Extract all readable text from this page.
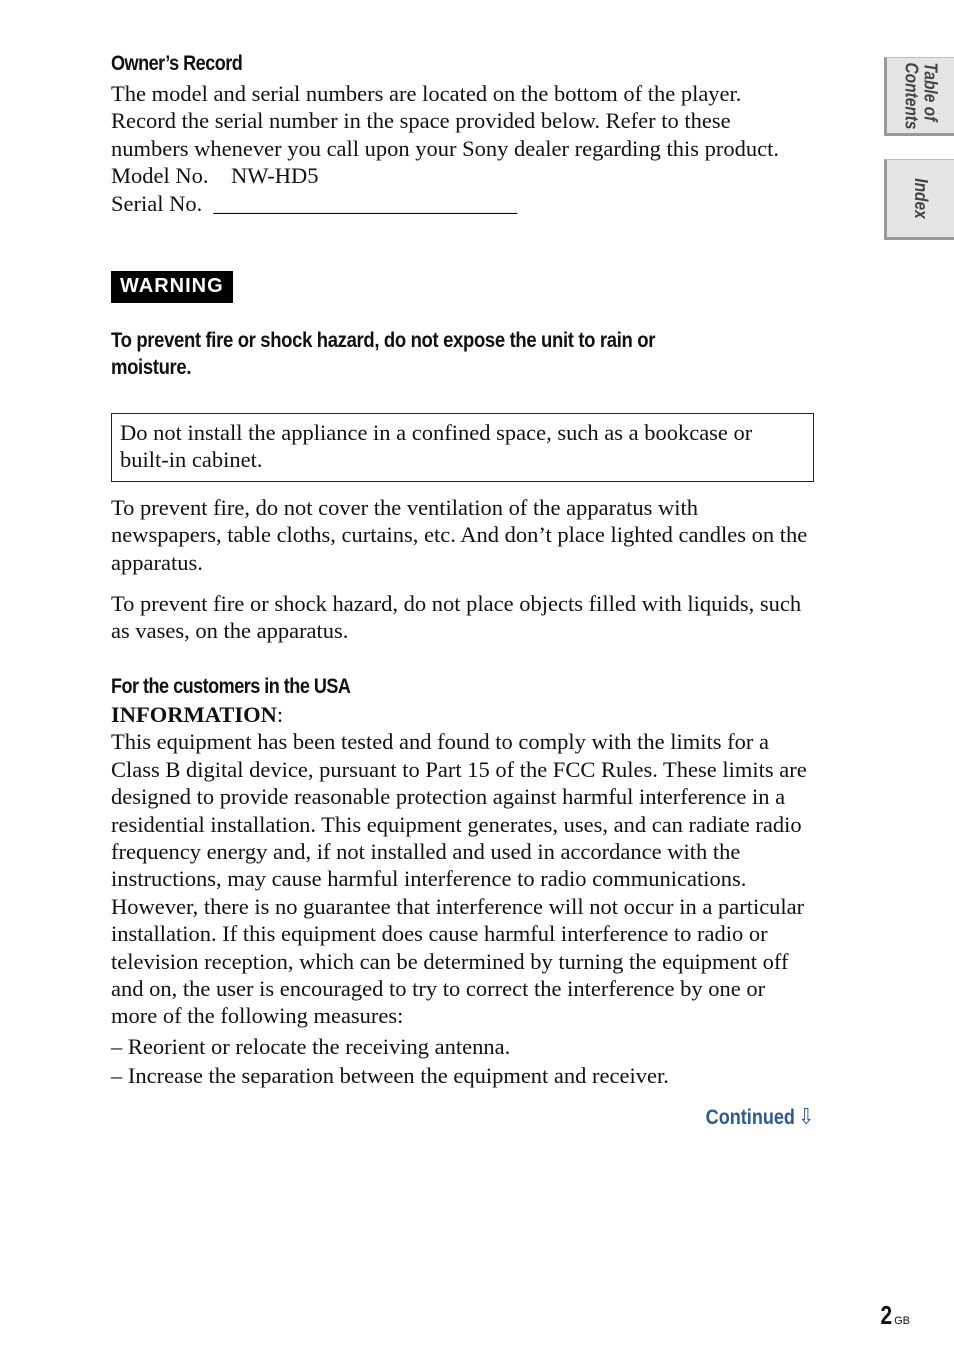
Table of Contents
Index
Owner’s Record

The model and serial numbers are located on the bottom of the player.

Record the serial number in the space provided below. Refer to these

numbers whenever you call upon your Sony dealer regarding this product.

Model No.    NW-HD5

Serial No.  ___________________________

WARNING
To prevent fire or shock hazard, do not expose the unit to rain or
moisture.
Do not install the appliance in a confined space, such as a bookcase or built-in cabinet.

To prevent fire, do not cover the ventilation of the apparatus with newspapers, table cloths, curtains, etc. And don’t place lighted candles on the apparatus.

To prevent fire or shock hazard, do not place objects filled with liquids, such as vases, on the apparatus.

For the customers in the USA

INFORMATION:

This equipment has been tested and found to comply with the limits for a Class B digital device, pursuant to Part 15 of the FCC Rules. These limits are designed to provide reasonable protection against harmful interference in a residential installation. This equipment generates, uses, and can radiate radio frequency energy and, if not installed and used in accordance with the instructions, may cause harmful interference to radio communications. However, there is no guarantee that interference will not occur in a particular installation. If this equipment does cause harmful interference to radio or television reception, which can be determined by turning the equipment off and on, the user is encouraged to try to correct the interference by one or more of the following measures:

– Reorient or relocate the receiving antenna.

– Increase the separation between the equipment and receiver.

Continued ⇩
2 GB
